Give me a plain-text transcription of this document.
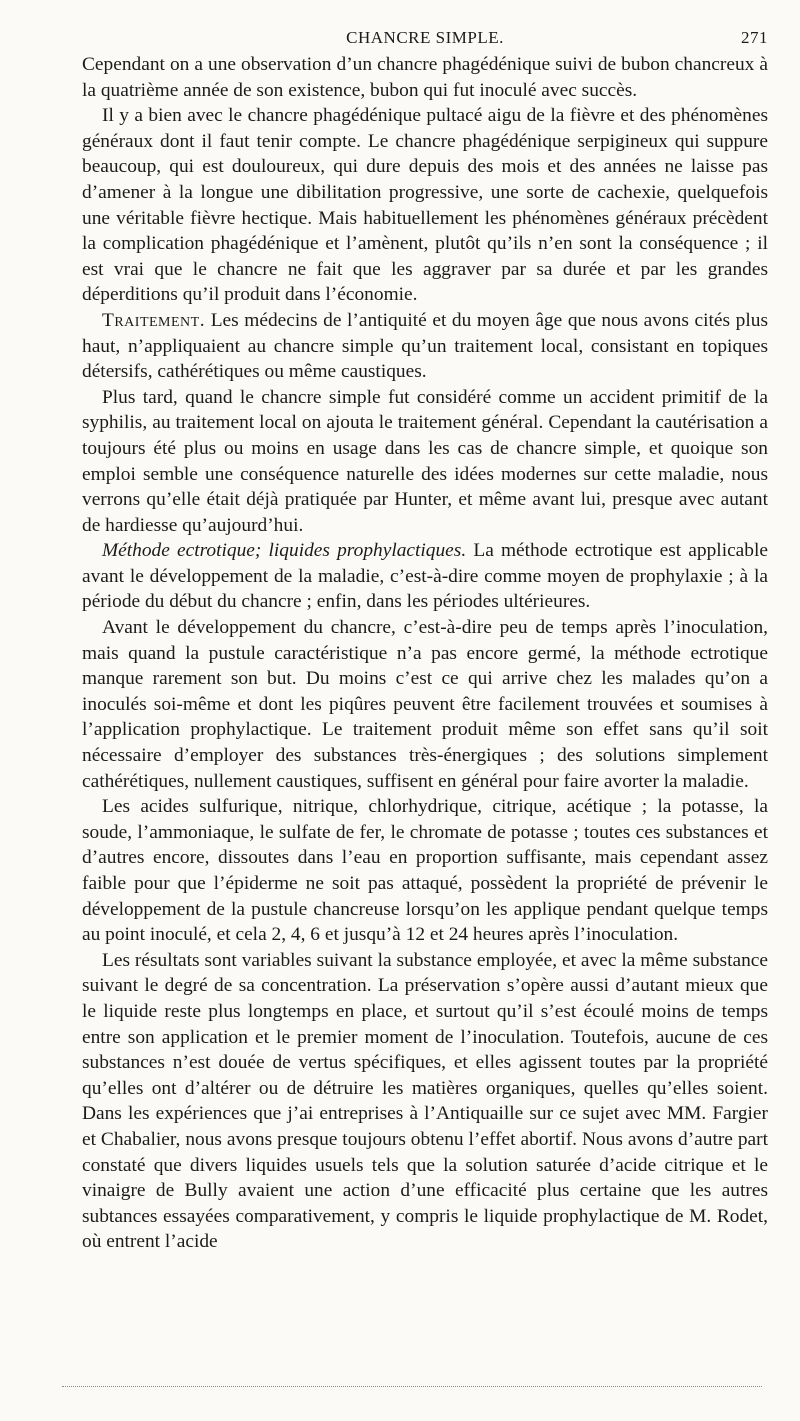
CHANCRE SIMPLE.	271

Cependant on a une observation d’un chancre phagédénique suivi de bubon chancreux à la quatrième année de son existence, bubon qui fut inoculé avec succès.

Il y a bien avec le chancre phagédénique pultacé aigu de la fièvre et des phénomènes généraux dont il faut tenir compte. Le chancre phagédénique serpigineux qui suppure beaucoup, qui est douloureux, qui dure depuis des mois et des années ne laisse pas d’amener à la longue une dibilitation progressive, une sorte de cachexie, quelquefois une véritable fièvre hectique. Mais habituellement les phénomènes généraux précèdent la complication phagédénique et l’amènent, plutôt qu’ils n’en sont la conséquence ; il est vrai que le chancre ne fait que les aggraver par sa durée et par les grandes déperditions qu’il produit dans l’économie.

Traitement. Les médecins de l’antiquité et du moyen âge que nous avons cités plus haut, n’appliquaient au chancre simple qu’un traitement local, consistant en topiques détersifs, cathérétiques ou même caustiques.

Plus tard, quand le chancre simple fut considéré comme un accident primitif de la syphilis, au traitement local on ajouta le traitement général. Cependant la cautérisation a toujours été plus ou moins en usage dans les cas de chancre simple, et quoique son emploi semble une conséquence naturelle des idées modernes sur cette maladie, nous verrons qu’elle était déjà pratiquée par Hunter, et même avant lui, presque avec autant de hardiesse qu’aujourd’hui.

Méthode ectrotique; liquides prophylactiques. La méthode ectrotique est applicable avant le développement de la maladie, c’est-à-dire comme moyen de prophylaxie ; à la période du début du chancre ; enfin, dans les périodes ultérieures.

Avant le développement du chancre, c’est-à-dire peu de temps après l’inoculation, mais quand la pustule caractéristique n’a pas encore germé, la méthode ectrotique manque rarement son but. Du moins c’est ce qui arrive chez les malades qu’on a inoculés soi-même et dont les piqûres peuvent être facilement trouvées et soumises à l’application prophylactique. Le traitement produit même son effet sans qu’il soit nécessaire d’employer des substances très-énergiques ; des solutions simplement cathérétiques, nullement caustiques, suffisent en général pour faire avorter la maladie.

Les acides sulfurique, nitrique, chlorhydrique, citrique, acétique ; la potasse, la soude, l’ammoniaque, le sulfate de fer, le chromate de potasse ; toutes ces substances et d’autres encore, dissoutes dans l’eau en proportion suffisante, mais cependant assez faible pour que l’épiderme ne soit pas attaqué, possèdent la propriété de prévenir le développement de la pustule chancreuse lorsqu’on les applique pendant quelque temps au point inoculé, et cela 2, 4, 6 et jusqu’à 12 et 24 heures après l’inoculation.

Les résultats sont variables suivant la substance employée, et avec la même substance suivant le degré de sa concentration. La préservation s’opère aussi d’autant mieux que le liquide reste plus longtemps en place, et surtout qu’il s’est écoulé moins de temps entre son application et le premier moment de l’inoculation. Toutefois, aucune de ces substances n’est douée de vertus spécifiques, et elles agissent toutes par la propriété qu’elles ont d’altérer ou de détruire les matières organiques, quelles qu’elles soient. Dans les expériences que j’ai entreprises à l’Antiquaille sur ce sujet avec MM. Fargier et Chabalier, nous avons presque toujours obtenu l’effet abortif. Nous avons d’autre part constaté que divers liquides usuels tels que la solution saturée d’acide citrique et le vinaigre de Bully avaient une action d’une efficacité plus certaine que les autres subtances essayées comparativement, y compris le liquide prophylactique de M. Rodet, où entrent l’acide
